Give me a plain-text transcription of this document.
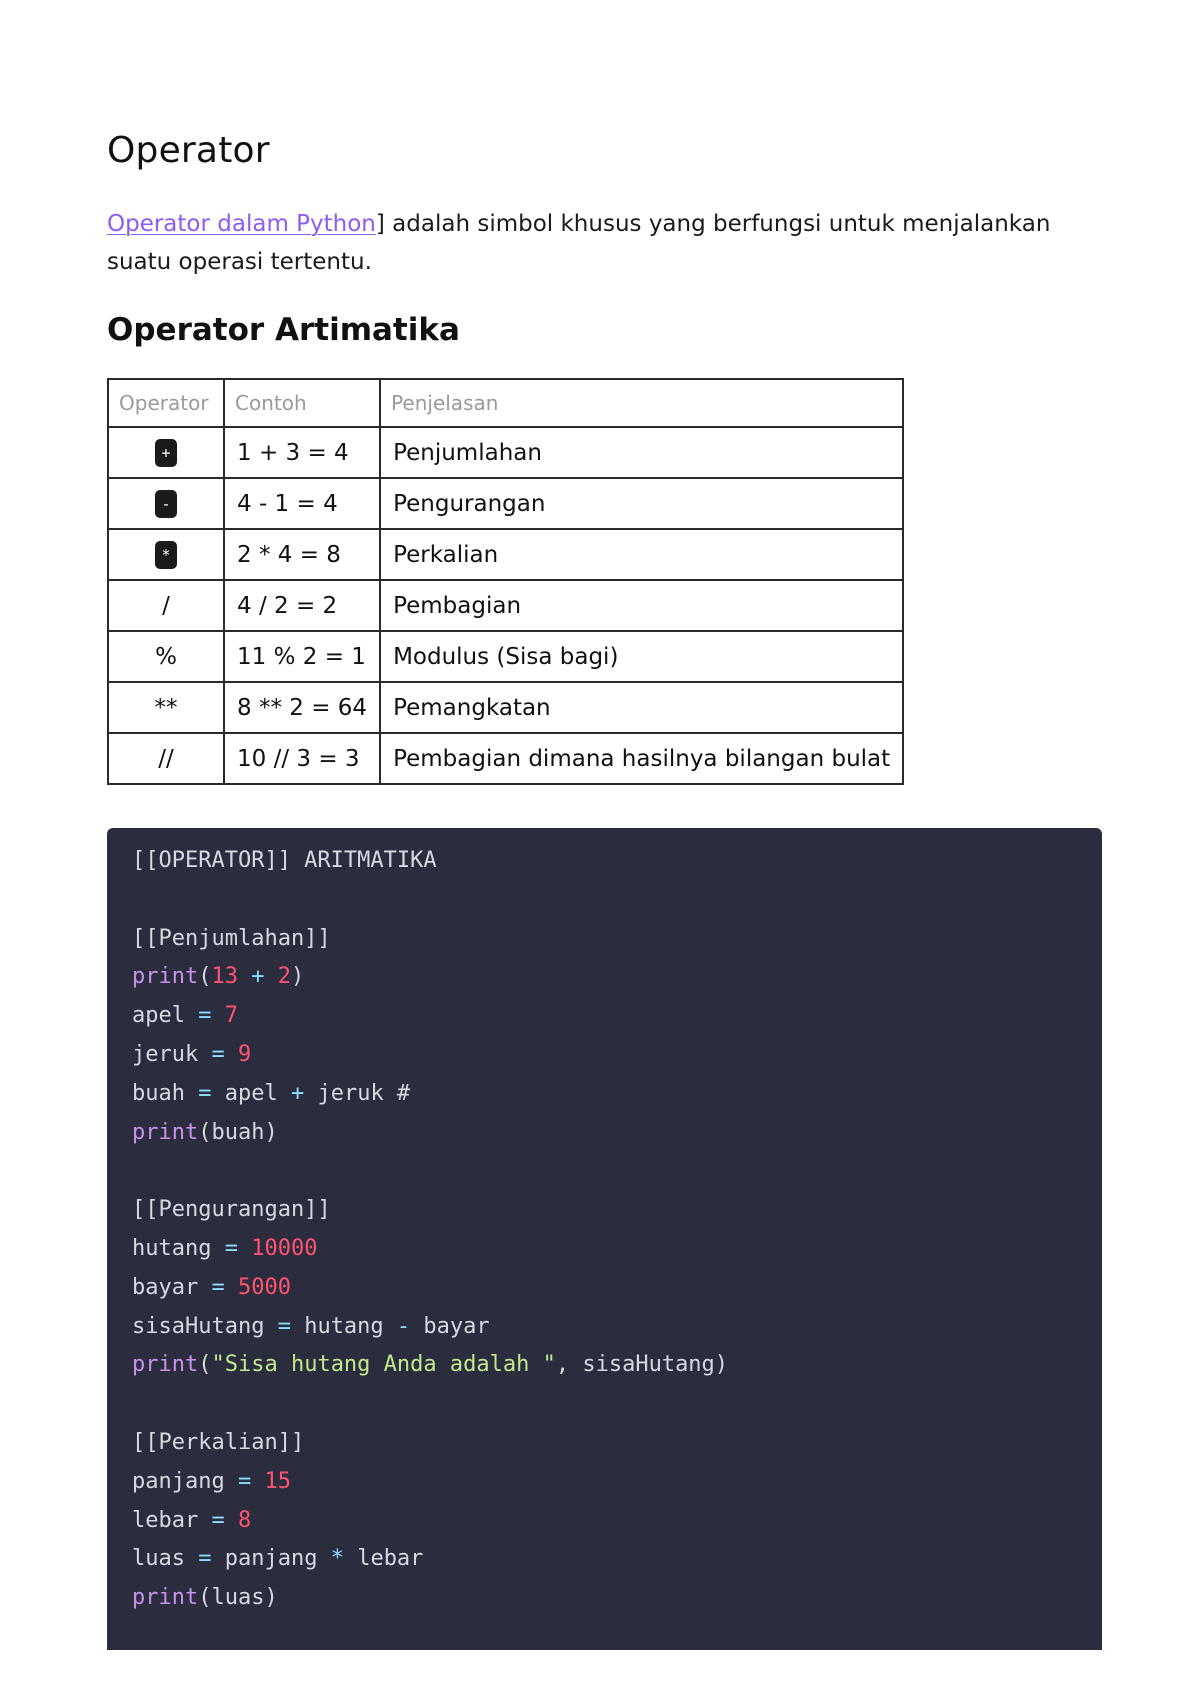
Operator

Operator dalam Python] adalah simbol khusus yang berfungsi untuk menjalankan suatu operasi tertentu.

Operator Artimatika
Operator	Contoh	Penjelasan
+	1 + 3 = 4	Penjumlahan
-	4 - 1 = 4	Pengurangan
*	2 * 4 = 8	Perkalian
/	4 / 2 = 2	Pembagian
%	11 % 2 = 1	Modulus (Sisa bagi)
**	8 ** 2 = 64	Pemangkatan
//	10 // 3 = 3	Pembagian dimana hasilnya bilangan bulat
[[OPERATOR]] ARITMATIKA
[[Penjumlahan]]
print(13 + 2)
apel = 7
jeruk = 9
buah = apel + jeruk #
print(buah)
[[Pengurangan]]
hutang = 10000
bayar = 5000
sisaHutang = hutang - bayar
print("Sisa hutang Anda adalah ", sisaHutang)
[[Perkalian]]
panjang = 15
lebar = 8
luas = panjang * lebar
print(luas)
